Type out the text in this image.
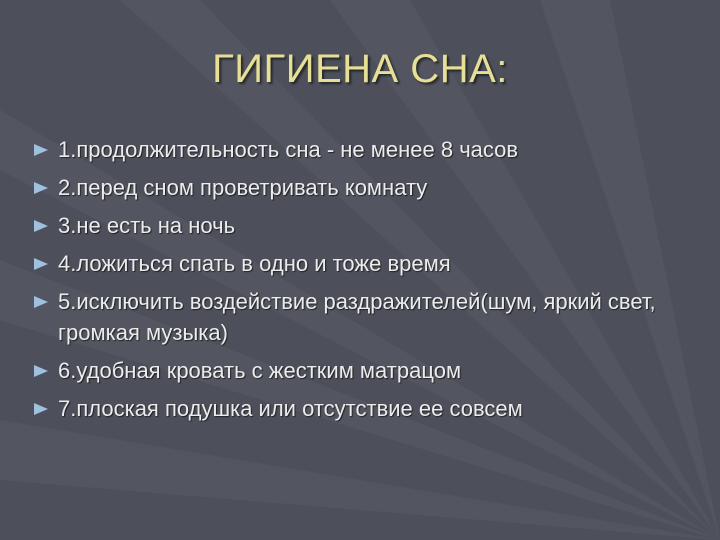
ГИГИЕНА СНА:
1.продолжительность сна - не менее 8 часов
2.перед сном проветривать комнату
3.не есть на ночь
4.ложиться спать в одно и тоже время
5.исключить воздействие раздражителей(шум, яркий свет, громкая музыка)
6.удобная кровать с жестким матрацом
7.плоская подушка или отсутствие ее совсем
